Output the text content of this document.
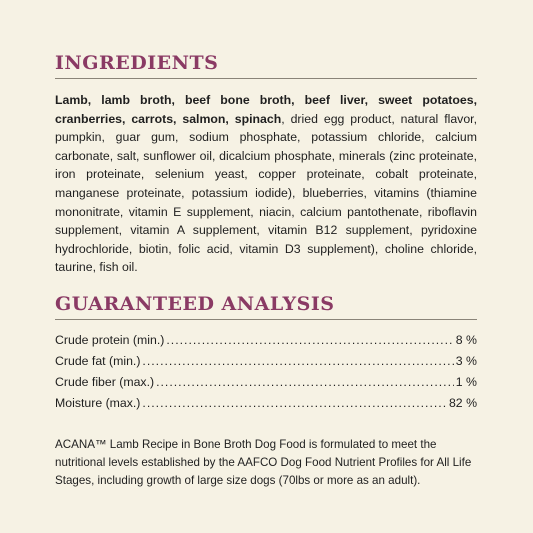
INGREDIENTS

Lamb, lamb broth, beef bone broth, beef liver, sweet potatoes, cranberries, carrots, salmon, spinach, dried egg product, natural flavor, pumpkin, guar gum, sodium phosphate, potassium chloride, calcium carbonate, salt, sunflower oil, dicalcium phosphate, minerals (zinc proteinate, iron proteinate, selenium yeast, copper proteinate, cobalt proteinate, manganese proteinate, potassium iodide), blueberries, vitamins (thiamine mononitrate, vitamin E supplement, niacin, calcium pantothenate, riboflavin supplement, vitamin A supplement, vitamin B12 supplement, pyridoxine hydrochloride, biotin, folic acid, vitamin D3 supplement), choline chloride, taurine, fish oil.

GUARANTEED ANALYSIS
Crude protein (min.) .....	8 %
Crude fat (min.) .....	3 %
Crude fiber (max.) .....	1 %
Moisture (max.) .....	82 %

ACANA™ Lamb Recipe in Bone Broth Dog Food is formulated to meet the nutritional levels established by the AAFCO Dog Food Nutrient Profiles for All Life Stages, including growth of large size dogs (70lbs or more as an adult).
